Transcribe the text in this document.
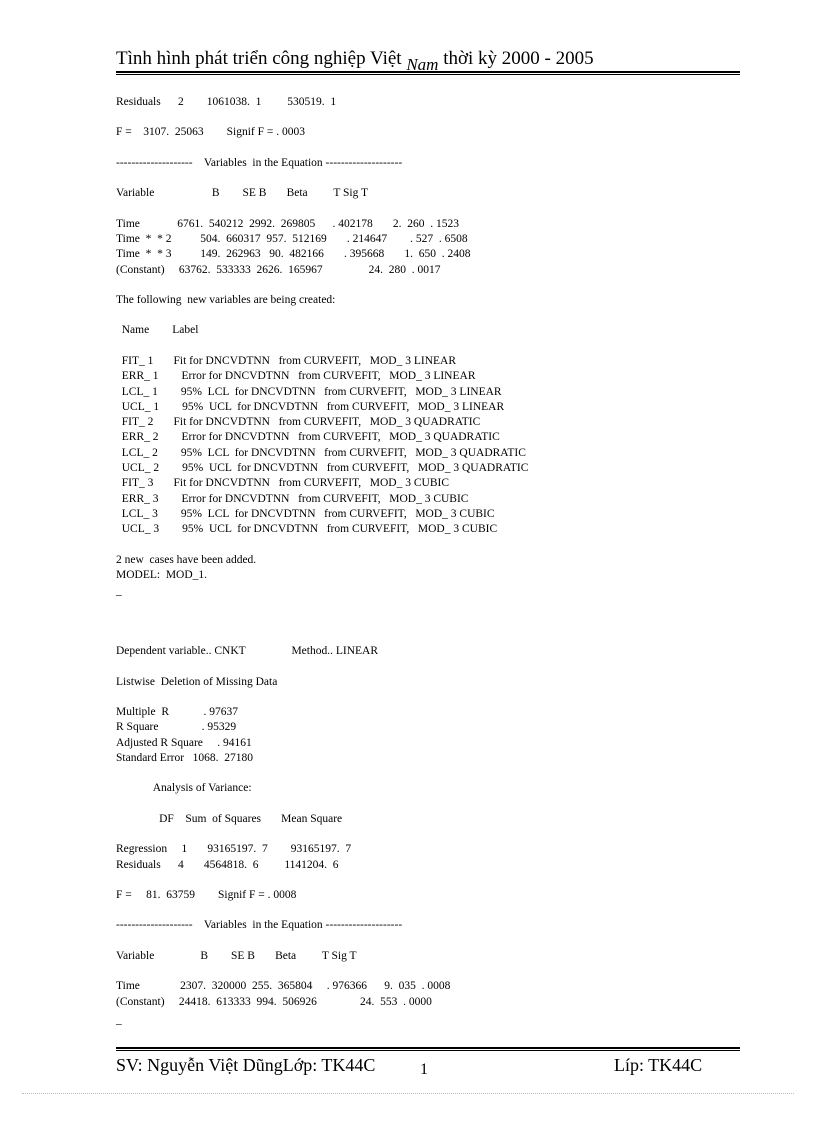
Tình hình phát triển công nghiệp Việt Nam thời kỳ 2000 - 2005
Residuals      2        1061038.  1         530519.  1
F =    3107.  25063        Signif F = . 0003
--------------------    Variables  in the Equation --------------------
Variable                    B        SE B       Beta         T Sig T
Time             6761.  540212  2992.  269805      . 402178       2.  260  . 1523
Time  *  * 2          504.  660317  957.  512169       . 214647        . 527  . 6508
Time  *  * 3          149.  262963   90.  482166       . 395668       1.  650  . 2408
(Constant)     63762.  533333  2626.  165967                24.  280  . 0017
The following  new variables are being created:
Name        Label
FIT_ 1       Fit for DNCVDTNN   from CURVEFIT,   MOD_ 3 LINEAR
ERR_ 1        Error for DNCVDTNN   from CURVEFIT,   MOD_ 3 LINEAR
LCL_ 1        95%  LCL  for DNCVDTNN   from CURVEFIT,   MOD_ 3 LINEAR
UCL_ 1        95%  UCL  for DNCVDTNN   from CURVEFIT,   MOD_ 3 LINEAR
FIT_ 2       Fit for DNCVDTNN   from CURVEFIT,   MOD_ 3 QUADRATIC
ERR_ 2        Error for DNCVDTNN   from CURVEFIT,   MOD_ 3 QUADRATIC
LCL_ 2        95%  LCL  for DNCVDTNN   from CURVEFIT,   MOD_ 3 QUADRATIC
UCL_ 2        95%  UCL  for DNCVDTNN   from CURVEFIT,   MOD_ 3 QUADRATIC
FIT_ 3       Fit for DNCVDTNN   from CURVEFIT,   MOD_ 3 CUBIC
ERR_ 3        Error for DNCVDTNN   from CURVEFIT,   MOD_ 3 CUBIC
LCL_ 3        95%  LCL  for DNCVDTNN   from CURVEFIT,   MOD_ 3 CUBIC
UCL_ 3        95%  UCL  for DNCVDTNN   from CURVEFIT,   MOD_ 3 CUBIC
2 new  cases have been added.
MODEL:  MOD_1.
_
Dependent variable.. CNKT                Method.. LINEAR
Listwise  Deletion of Missing Data
Multiple  R            . 97637
R Square               . 95329
Adjusted R Square     . 94161
Standard Error   1068.  27180
Analysis of Variance:
DF    Sum  of Squares       Mean Square
Regression     1       93165197.  7        93165197.  7
Residuals      4       4564818.  6         1141204.  6
F =     81.  63759        Signif F = . 0008
--------------------    Variables  in the Equation --------------------
Variable                B        SE B       Beta         T Sig T
Time              2307.  320000  255.  365804     . 976366      9.  035  . 0008
(Constant)     24418.  613333  994.  506926               24.  553  . 0000
_
SV: Nguyễn Việt DũngLớp: TK44C	1	Líp: TK44C
